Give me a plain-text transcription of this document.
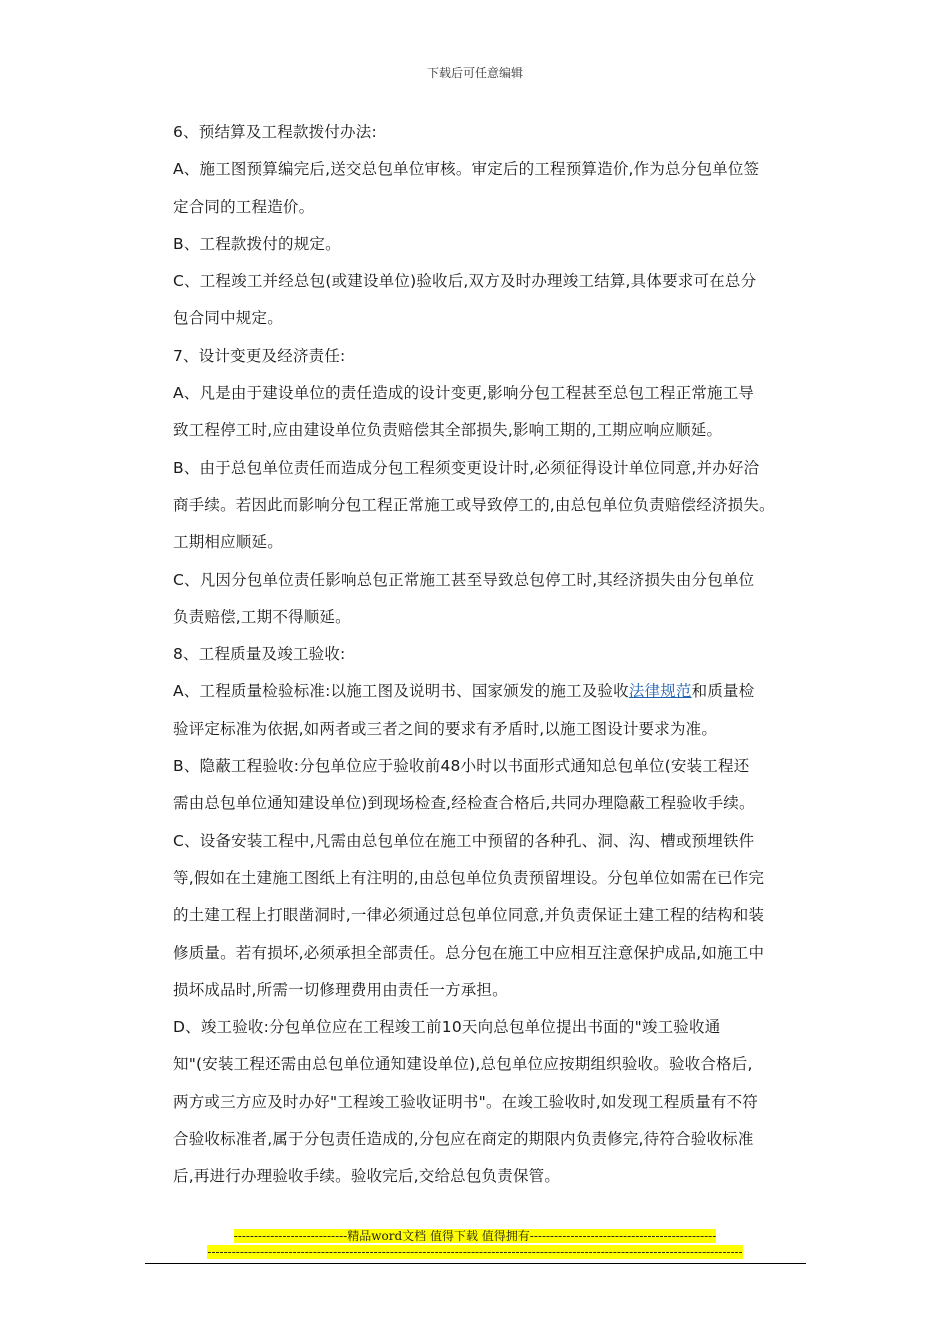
下载后可任意编辑
6、预结算及工程款拨付办法:
A、施工图预算编完后,送交总包单位审核。审定后的工程预算造价,作为总分包单位签
定合同的工程造价。
B、工程款拨付的规定。
C、工程竣工并经总包(或建设单位)验收后,双方及时办理竣工结算,具体要求可在总分
包合同中规定。
7、设计变更及经济责任:
A、凡是由于建设单位的责任造成的设计变更,影响分包工程甚至总包工程正常施工导
致工程停工时,应由建设单位负责赔偿其全部损失,影响工期的,工期应响应顺延。
B、由于总包单位责任而造成分包工程须变更设计时,必须征得设计单位同意,并办好洽
商手续。若因此而影响分包工程正常施工或导致停工的,由总包单位负责赔偿经济损失。
工期相应顺延。
C、凡因分包单位责任影响总包正常施工甚至导致总包停工时,其经济损失由分包单位
负责赔偿,工期不得顺延。
8、工程质量及竣工验收:
A、工程质量检验标准:以施工图及说明书、国家颁发的施工及验收法律规范和质量检
验评定标准为依据,如两者或三者之间的要求有矛盾时,以施工图设计要求为准。
B、隐蔽工程验收:分包单位应于验收前48小时以书面形式通知总包单位(安装工程还
需由总包单位通知建设单位)到现场检查,经检查合格后,共同办理隐蔽工程验收手续。
C、设备安装工程中,凡需由总包单位在施工中预留的各种孔、洞、沟、槽或预埋铁件
等,假如在土建施工图纸上有注明的,由总包单位负责预留埋设。分包单位如需在已作完
的土建工程上打眼凿洞时,一律必须通过总包单位同意,并负责保证土建工程的结构和装
修质量。若有损坏,必须承担全部责任。总分包在施工中应相互注意保护成品,如施工中
损坏成品时,所需一切修理费用由责任一方承担。
D、竣工验收:分包单位应在工程竣工前10天向总包单位提出书面的"竣工验收通
知"(安装工程还需由总包单位通知建设单位),总包单位应按期组织验收。验收合格后,
两方或三方应及时办好"工程竣工验收证明书"。在竣工验收时,如发现工程质量有不符
合验收标准者,属于分包责任造成的,分包应在商定的期限内负责修完,待符合验收标准
后,再进行办理验收手续。验收完后,交给总包负责保管。
----------------------------精品word文档 值得下载 值得拥有----------------------------------------------
------------------------------------------------------------------------------------------------------------------------------------
